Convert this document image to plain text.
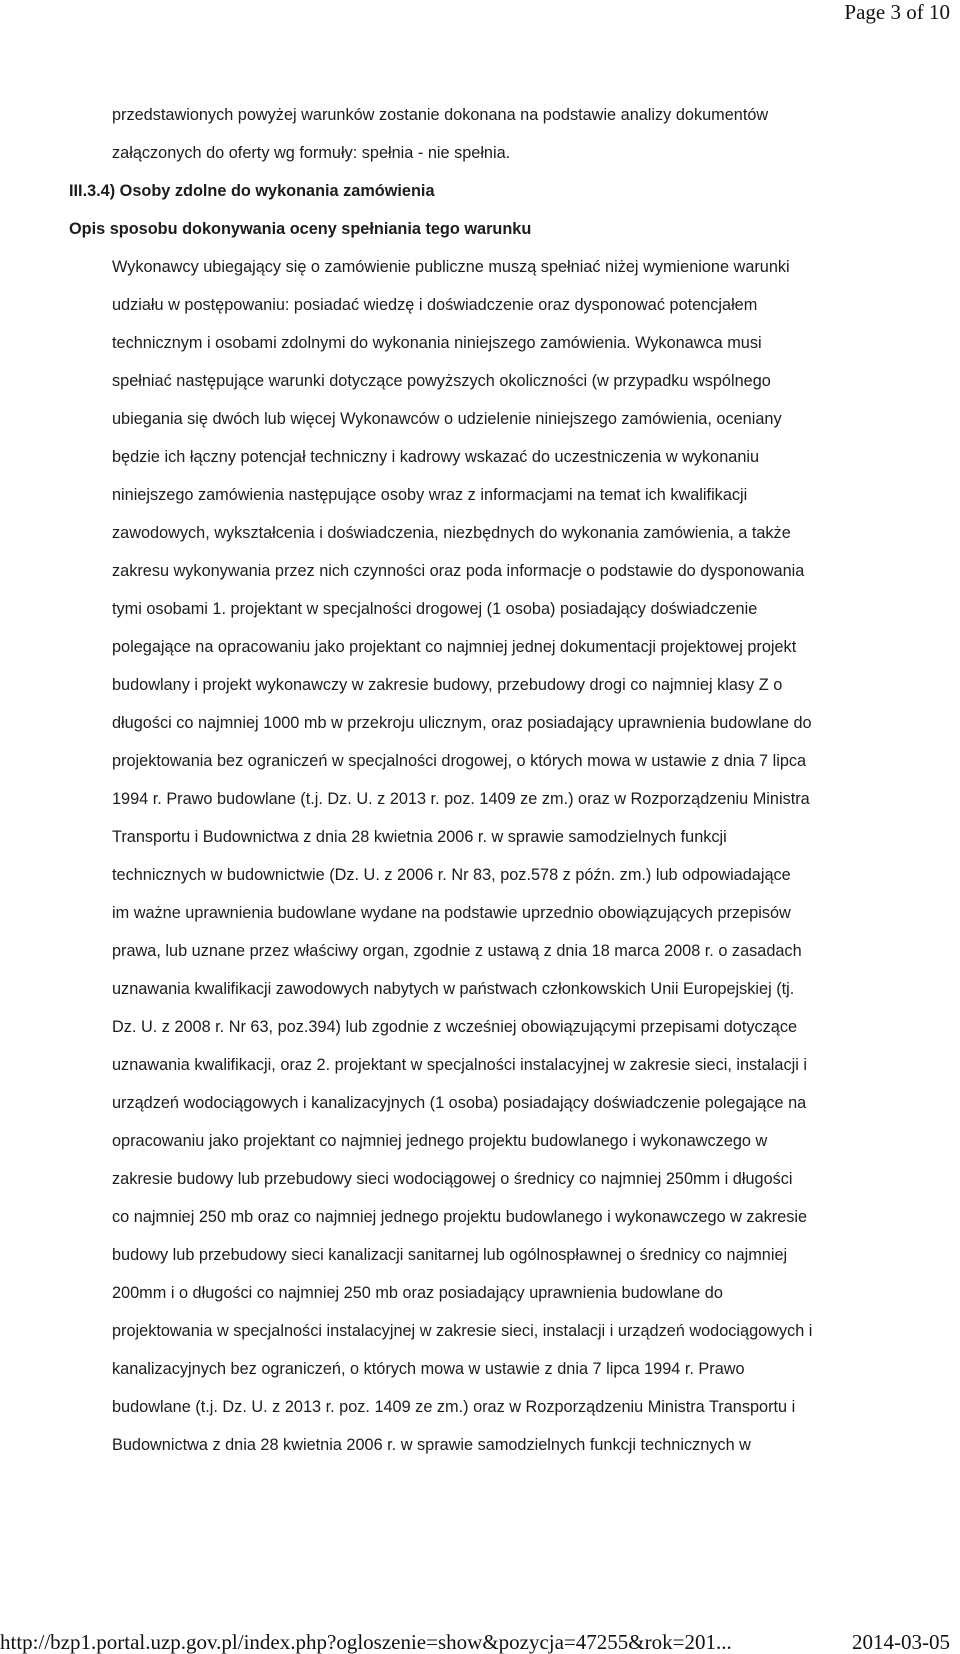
Page 3 of 10
przedstawionych powyżej warunków zostanie dokonana na podstawie analizy dokumentów
załączonych do oferty wg formuły: spełnia - nie spełnia.
III.3.4) Osoby zdolne do wykonania zamówienia
Opis sposobu dokonywania oceny spełniania tego warunku
Wykonawcy ubiegający się o zamówienie publiczne muszą spełniać niżej wymienione warunki
udziału w postępowaniu: posiadać wiedzę i doświadczenie oraz dysponować potencjałem
technicznym i osobami zdolnymi do wykonania niniejszego zamówienia. Wykonawca musi
spełniać następujące warunki dotyczące powyższych okoliczności (w przypadku wspólnego
ubiegania się dwóch lub więcej Wykonawców o udzielenie niniejszego zamówienia, oceniany
będzie ich łączny potencjał techniczny i kadrowy wskazać do uczestniczenia w wykonaniu
niniejszego zamówienia następujące osoby wraz z informacjami na temat ich kwalifikacji
zawodowych, wykształcenia i doświadczenia, niezbędnych do wykonania zamówienia, a także
zakresu wykonywania przez nich czynności oraz poda informacje o podstawie do dysponowania
tymi osobami 1. projektant w specjalności drogowej (1 osoba) posiadający doświadczenie
polegające na opracowaniu jako projektant co najmniej jednej dokumentacji projektowej projekt
budowlany i projekt wykonawczy w zakresie budowy, przebudowy drogi co najmniej klasy Z o
długości co najmniej 1000 mb w przekroju ulicznym, oraz posiadający uprawnienia budowlane do
projektowania bez ograniczeń w specjalności drogowej, o których mowa w ustawie z dnia 7 lipca
1994 r. Prawo budowlane (t.j. Dz. U. z 2013 r. poz. 1409 ze zm.) oraz w Rozporządzeniu Ministra
Transportu i Budownictwa z dnia 28 kwietnia 2006 r. w sprawie samodzielnych funkcji
technicznych w budownictwie (Dz. U. z 2006 r. Nr 83, poz.578 z późn. zm.) lub odpowiadające
im ważne uprawnienia budowlane wydane na podstawie uprzednio obowiązujących przepisów
prawa, lub uznane przez właściwy organ, zgodnie z ustawą z dnia 18 marca 2008 r. o zasadach
uznawania kwalifikacji zawodowych nabytych w państwach członkowskich Unii Europejskiej (tj.
Dz. U. z 2008 r. Nr 63, poz.394) lub zgodnie z wcześniej obowiązującymi przepisami dotyczące
uznawania kwalifikacji, oraz 2. projektant w specjalności instalacyjnej w zakresie sieci, instalacji i
urządzeń wodociągowych i kanalizacyjnych (1 osoba) posiadający doświadczenie polegające na
opracowaniu jako projektant co najmniej jednego projektu budowlanego i wykonawczego w
zakresie budowy lub przebudowy sieci wodociągowej o średnicy co najmniej 250mm i długości
co najmniej 250 mb oraz co najmniej jednego projektu budowlanego i wykonawczego w zakresie
budowy lub przebudowy sieci kanalizacji sanitarnej lub ogólnospławnej o średnicy co najmniej
200mm i o długości co najmniej 250 mb oraz posiadający uprawnienia budowlane do
projektowania w specjalności instalacyjnej w zakresie sieci, instalacji i urządzeń wodociągowych i
kanalizacyjnych bez ograniczeń, o których mowa w ustawie z dnia 7 lipca 1994 r. Prawo
budowlane (t.j. Dz. U. z 2013 r. poz. 1409 ze zm.) oraz w Rozporządzeniu Ministra Transportu i
Budownictwa z dnia 28 kwietnia 2006 r. w sprawie samodzielnych funkcji technicznych w
http://bzp1.portal.uzp.gov.pl/index.php?ogloszenie=show&pozycja=47255&rok=201...	2014-03-05
